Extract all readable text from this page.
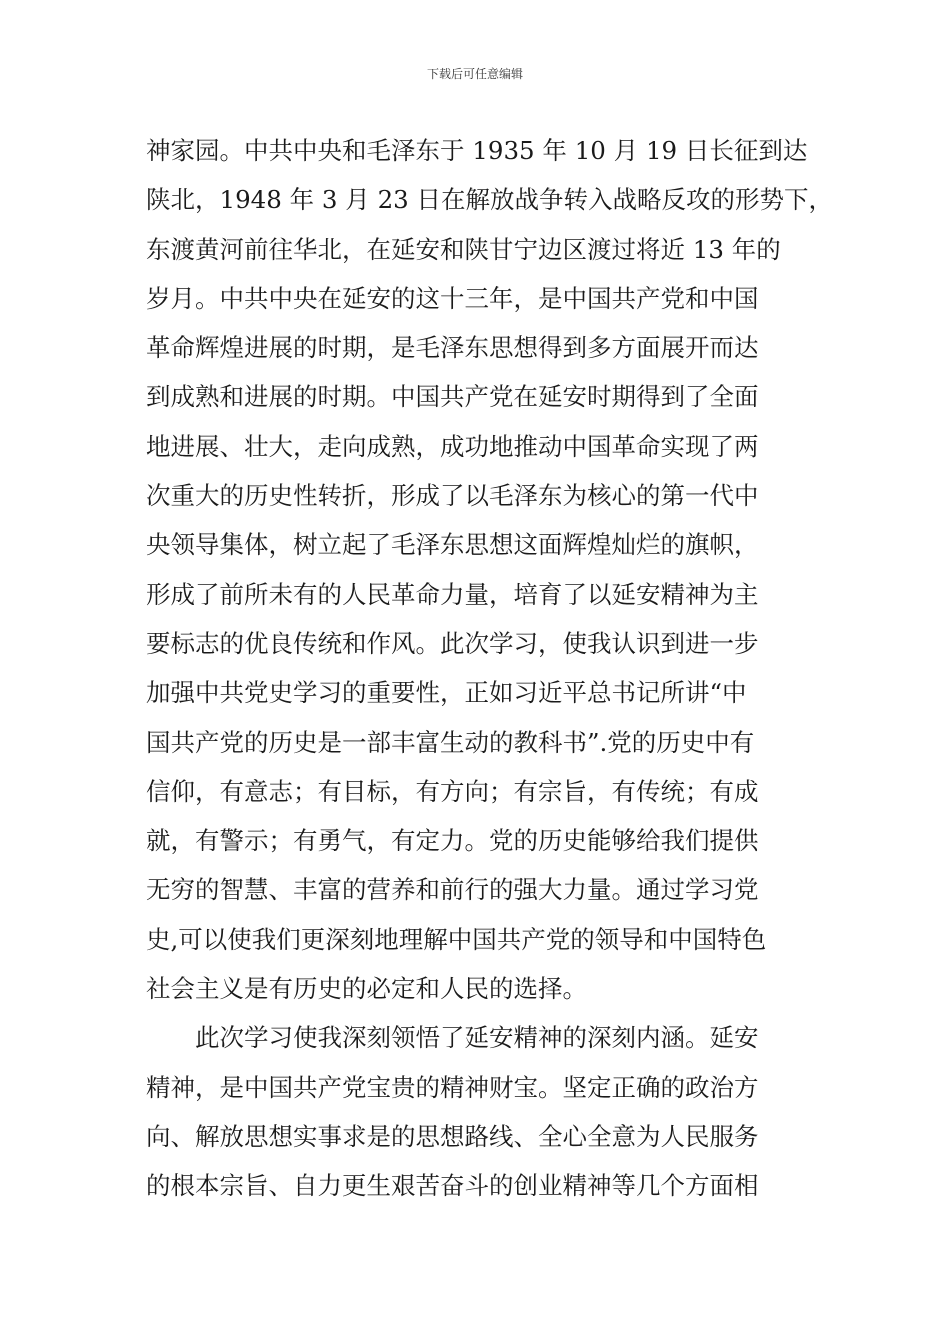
下载后可任意编辑
神家园。中共中央和毛泽东于 1935 年 10 月 19 日长征到达
陕北，1948 年 3 月 23 日在解放战争转入战略反攻的形势下，
东渡黄河前往华北，在延安和陕甘宁边区渡过将近 13 年的
岁月。中共中央在延安的这十三年，是中国共产党和中国
革命辉煌进展的时期，是毛泽东思想得到多方面展开而达
到成熟和进展的时期。中国共产党在延安时期得到了全面
地进展、壮大，走向成熟，成功地推动中国革命实现了两
次重大的历史性转折，形成了以毛泽东为核心的第一代中
央领导集体，树立起了毛泽东思想这面辉煌灿烂的旗帜，
形成了前所未有的人民革命力量，培育了以延安精神为主
要标志的优良传统和作风。此次学习，使我认识到进一步
加强中共党史学习的重要性，正如习近平总书记所讲“中
国共产党的历史是一部丰富生动的教科书”.党的历史中有
信仰，有意志；有目标，有方向；有宗旨，有传统；有成
就，有警示；有勇气，有定力。党的历史能够给我们提供
无穷的智慧、丰富的营养和前行的强大力量。通过学习党
史,可以使我们更深刻地理解中国共产党的领导和中国特色
社会主义是有历史的必定和人民的选择。
此次学习使我深刻领悟了延安精神的深刻内涵。延安
精神，是中国共产党宝贵的精神财宝。坚定正确的政治方
向、解放思想实事求是的思想路线、全心全意为人民服务
的根本宗旨、自力更生艰苦奋斗的创业精神等几个方面相
